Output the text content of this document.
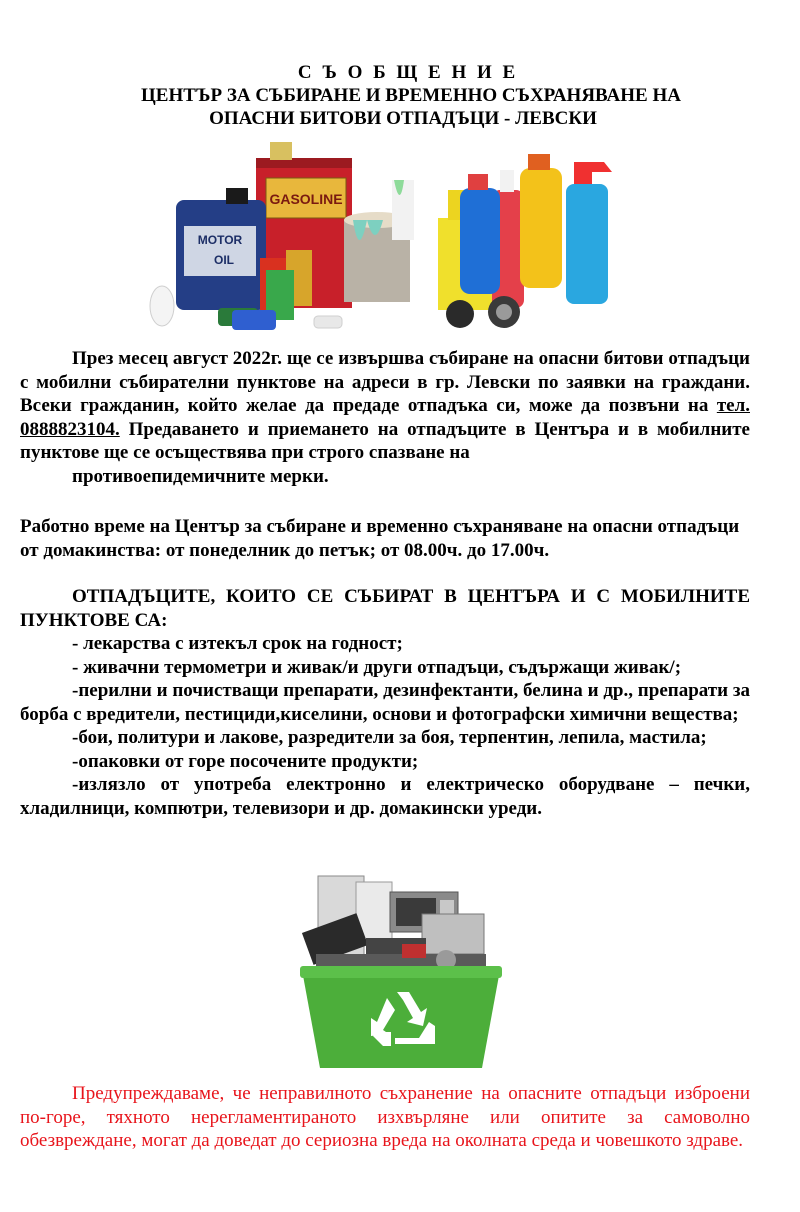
С Ъ О Б Щ Е Н И Е
ЦЕНТЪР ЗА СЪБИРАНЕ И ВРЕМЕННО СЪХРАНЯВАНЕ НА
ОПАСНИ БИТОВИ ОТПАДЪЦИ - ЛЕВСКИ
GASOLINE
MOTOR
OIL
През месец август 2022г. ще се извършва събиране на опасни битови отпадъци с мобилни събирателни пунктове на адреси в гр. Левски по заявки на граждани. Всеки гражданин, който желае да предаде отпадъка си, може да позвъни на тел. 0888823104. Предаването и приемането на отпадъците в Центъра и в мобилните пунктове ще се осъществява при строго спазване на
противоепидемичните мерки.
Работно време на Център за събиране и временно съхраняване на опасни отпадъци от домакинства: от понеделник до петък; от 08.00ч. до 17.00ч.
ОТПАДЪЦИТЕ, КОИТО СЕ СЪБИРАТ В ЦЕНТЪРА И С МОБИЛНИТЕ ПУНКТОВЕ СА:
- лекарства с изтекъл срок на годност;
- живачни термометри и живак/и други отпадъци, съдържащи живак/;
-перилни и почистващи препарати, дезинфектанти, белина и др., препарати за борба с вредители, пестициди,киселини, основи и фотографски химични вещества;
-бои, политури и лакове, разредители за боя, терпентин, лепила, мастила;
-опаковки от горе посочените продукти;
-излязло от употреба електронно и електрическо оборудване – печки, хладилници, компютри, телевизори и др. домакински уреди.
Предупреждаваме, че неправилното съхранение на опасните отпадъци изброени по-горе, тяхното нерегламентираното изхвърляне или опитите за самоволно обезвреждане, могат да доведат до сериозна вреда на околната среда и човешкото здраве.
